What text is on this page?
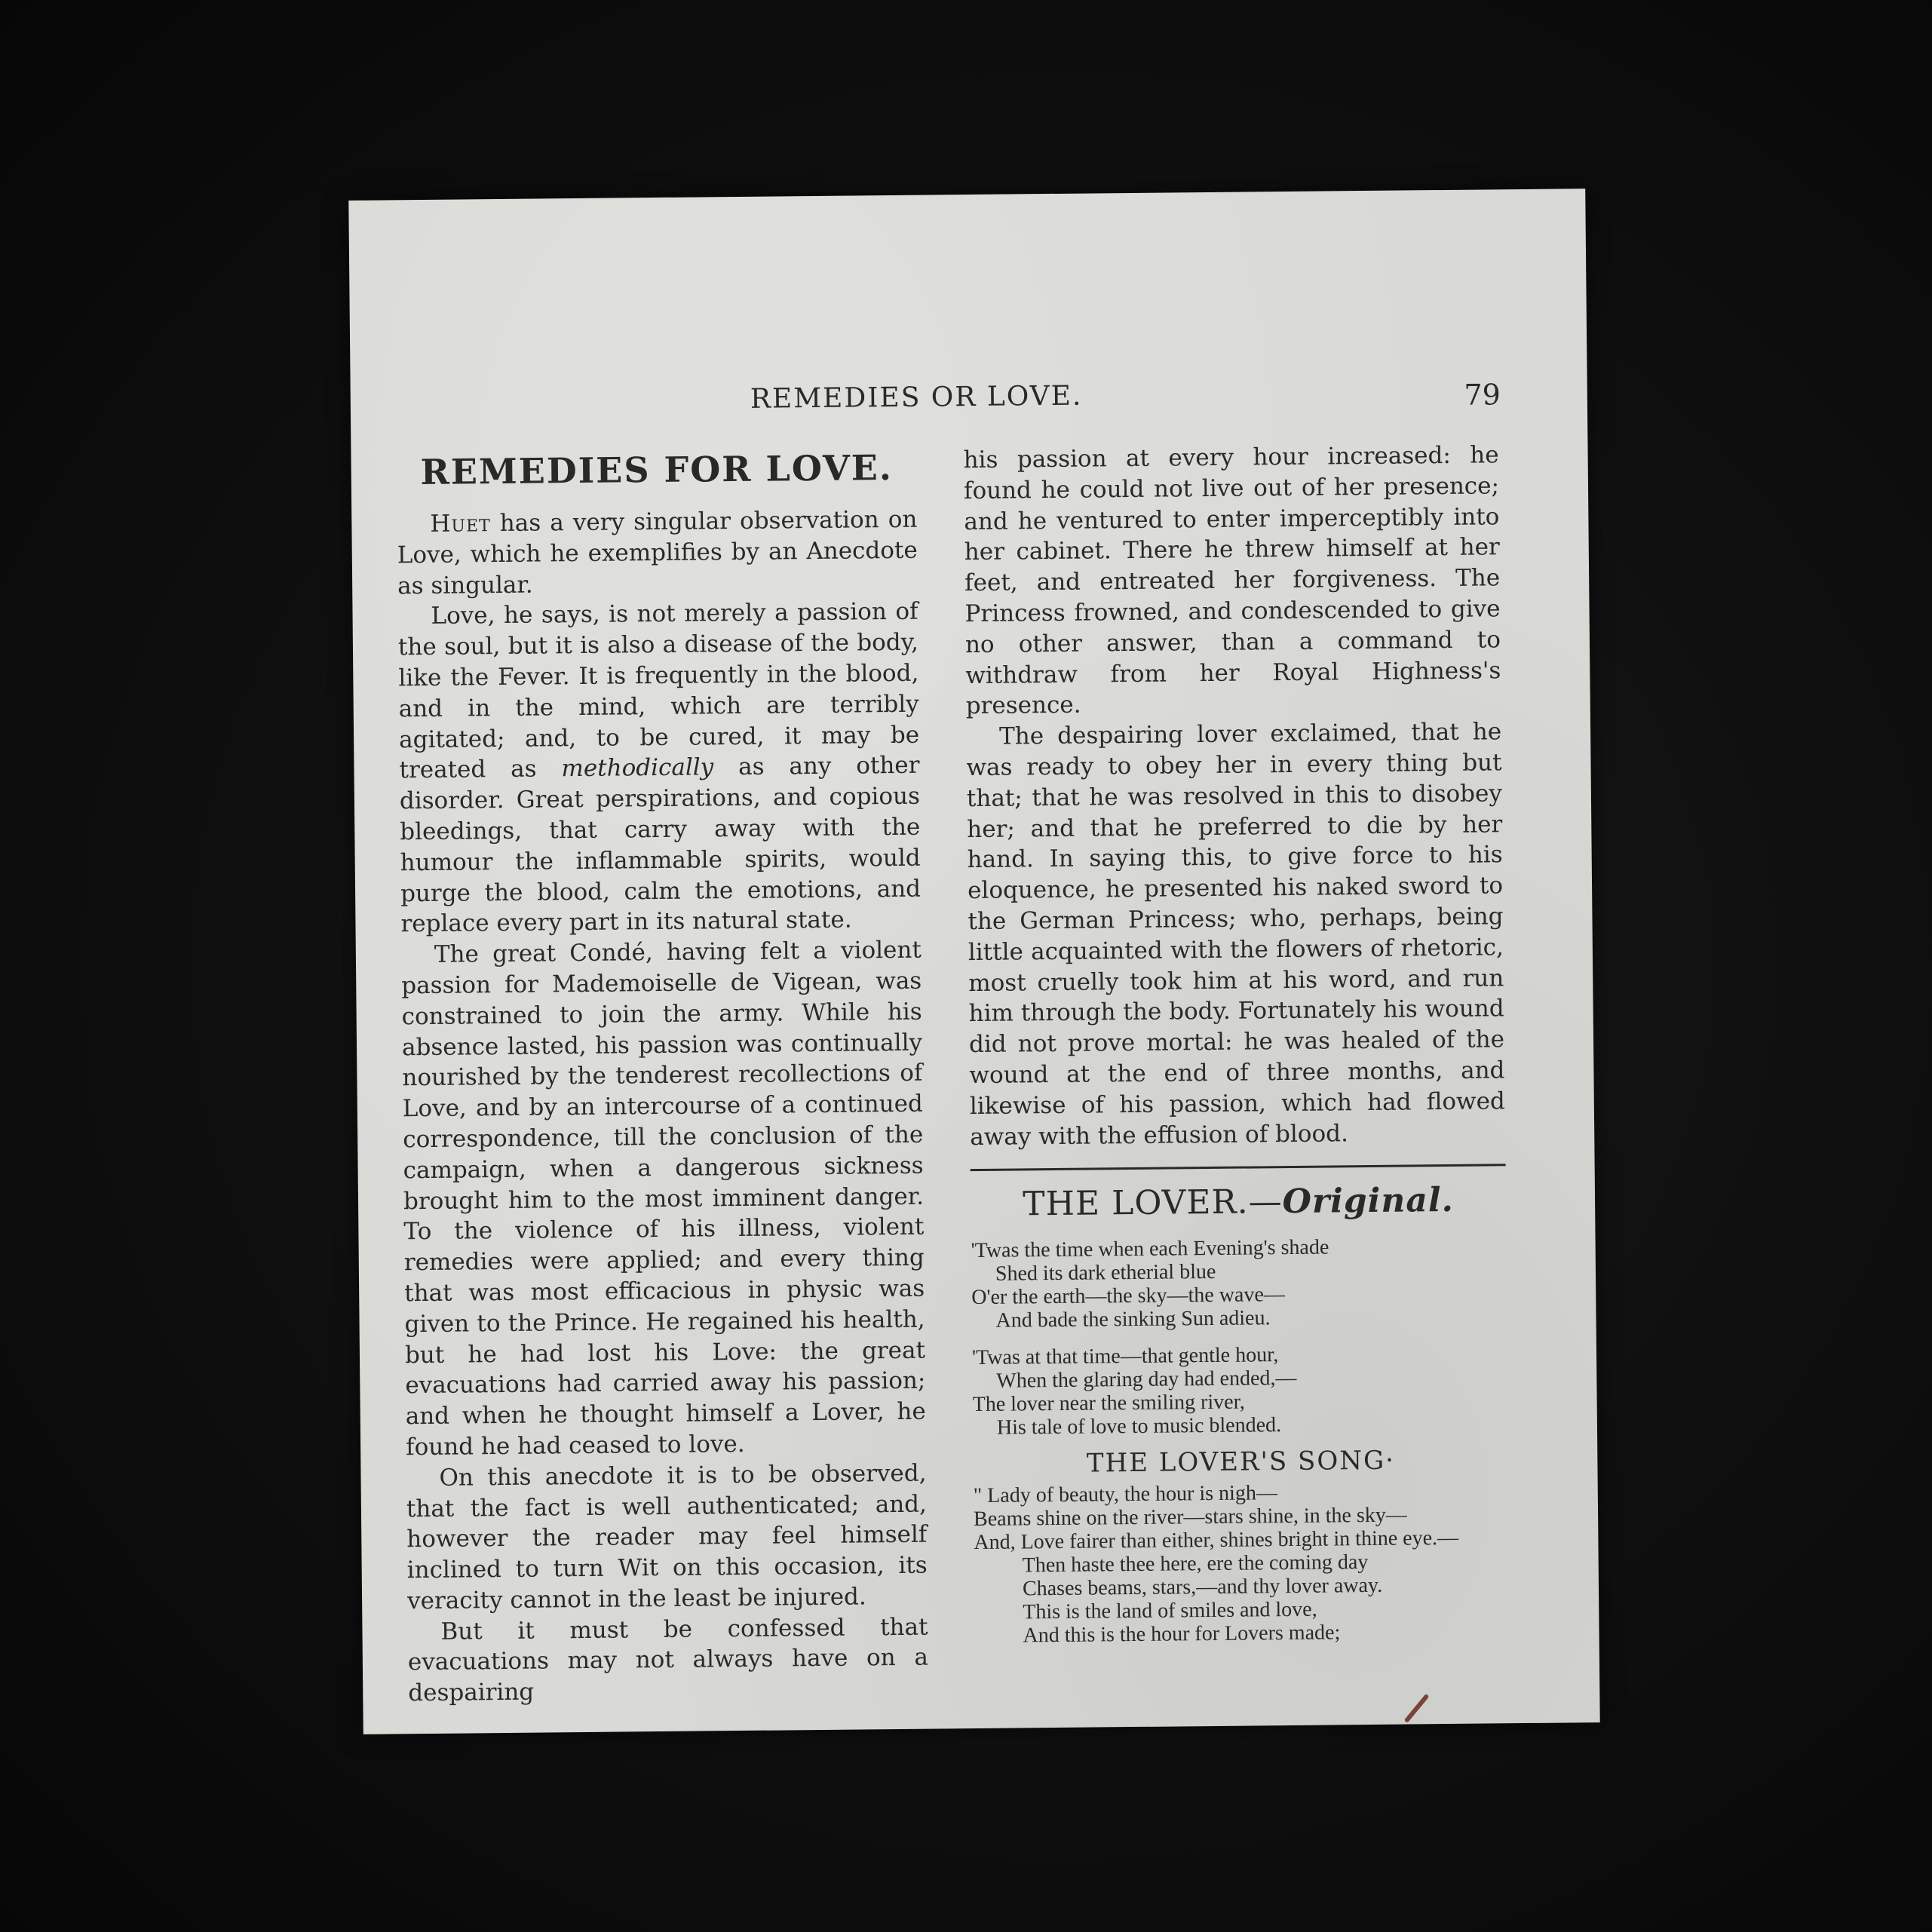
REMEDIES OR LOVE.	79
REMEDIES FOR LOVE.

Huet has a very singular observation on Love, which he exemplifies by an Anecdote as singular.

Love, he says, is not merely a passion of the soul, but it is also a disease of the body, like the Fever. It is frequently in the blood, and in the mind, which are terribly agitated; and, to be cured, it may be treated as methodically as any other disorder. Great perspirations, and copious bleedings, that carry away with the humour the inflammable spirits, would purge the blood, calm the emotions, and replace every part in its natural state.

The great Condé, having felt a violent passion for Mademoiselle de Vigean, was constrained to join the army. While his absence lasted, his passion was continually nourished by the tenderest recollections of Love, and by an intercourse of a continued correspondence, till the conclusion of the campaign, when a dangerous sickness brought him to the most imminent danger. To the violence of his illness, violent remedies were applied; and every thing that was most efficacious in physic was given to the Prince. He regained his health, but he had lost his Love: the great evacuations had carried away his passion; and when he thought himself a Lover, he found he had ceased to love.

On this anecdote it is to be observed, that the fact is well authenticated; and, however the reader may feel himself inclined to turn Wit on this occasion, its veracity cannot in the least be injured.

But it must be confessed that evacuations may not always have on a despairing

his passion at every hour increased: he found he could not live out of her presence; and he ventured to enter imperceptibly into her cabinet. There he threw himself at her feet, and entreated her forgiveness. The Princess frowned, and condescended to give no other answer, than a command to withdraw from her Royal Highness's presence.

The despairing lover exclaimed, that he was ready to obey her in every thing but that; that he was resolved in this to disobey her; and that he preferred to die by her hand. In saying this, to give force to his eloquence, he presented his naked sword to the German Princess; who, perhaps, being little acquainted with the flowers of rhetoric, most cruelly took him at his word, and run him through the body. Fortunately his wound did not prove mortal: he was healed of the wound at the end of three months, and likewise of his passion, which had flowed away with the effusion of blood.

THE LOVER.—Original.
'Twas the time when each Evening's shade
Shed its dark etherial blue
O'er the earth—the sky—the wave—
And bade the sinking Sun adieu.
'Twas at that time—that gentle hour,
When the glaring day had ended,—
The lover near the smiling river,
His tale of love to music blended.
THE LOVER'S SONG·
" Lady of beauty, the hour is nigh—
Beams shine on the river—stars shine, in the sky—
And, Love fairer than either, shines bright in thine eye.—
Then haste thee here, ere the coming day
Chases beams, stars,—and thy lover away.
This is the land of smiles and love,
And this is the hour for Lovers made;
